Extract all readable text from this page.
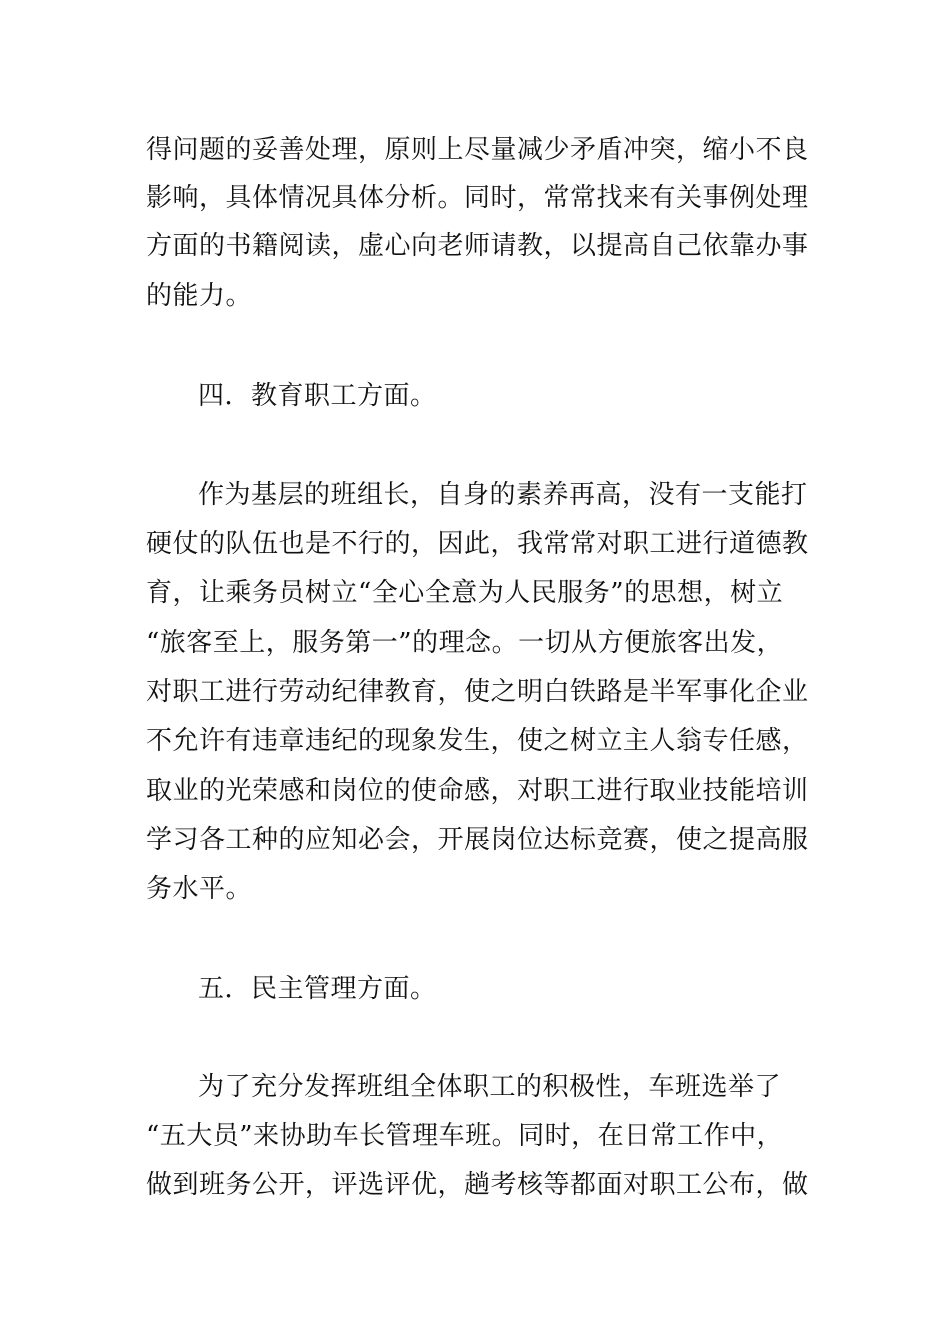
得问题的妥善处理，原则上尽量减少矛盾冲突，缩小不良
影响，具体情况具体分析。同时，常常找来有关事例处理
方面的书籍阅读，虚心向老师请教，以提高自己依靠办事
的能力。
四．教育职工方面。
作为基层的班组长，自身的素养再高，没有一支能打
硬仗的队伍也是不行的，因此，我常常对职工进行道德教
育，让乘务员树立“全心全意为人民服务”的思想，树立
“旅客至上，服务第一”的理念。一切从方便旅客出发，
对职工进行劳动纪律教育，使之明白铁路是半军事化企业
不允许有违章违纪的现象发生，使之树立主人翁专任感，
取业的光荣感和岗位的使命感，对职工进行取业技能培训
学习各工种的应知必会，开展岗位达标竞赛，使之提高服
务水平。
五．民主管理方面。
为了充分发挥班组全体职工的积极性，车班选举了
“五大员”来协助车长管理车班。同时，在日常工作中，
做到班务公开，评选评优，趟考核等都面对职工公布，做
